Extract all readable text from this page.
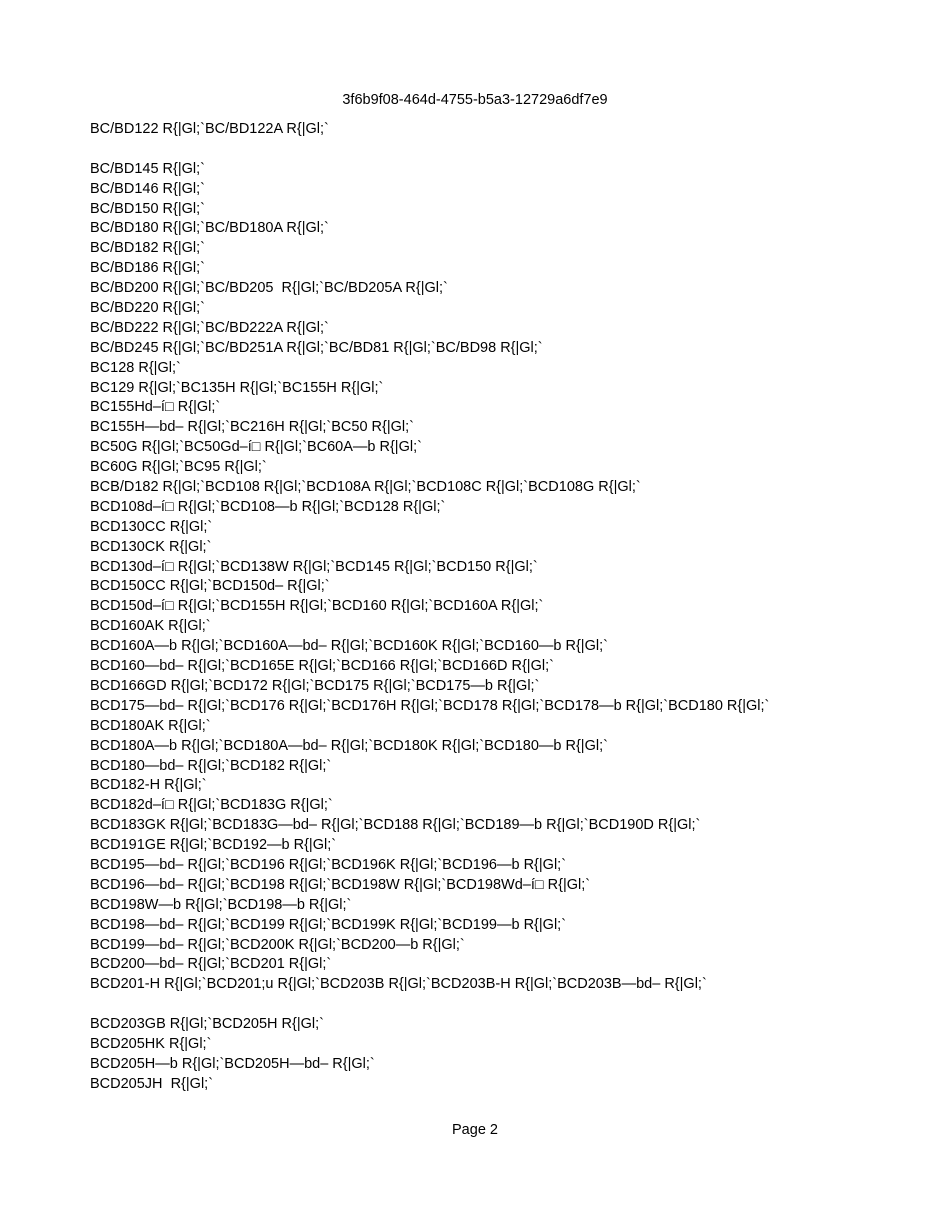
3f6b9f08-464d-4755-b5a3-12729a6df7e9
BC/BD122 R{|Gl;`BC/BD122A R{|Gl;`

BC/BD145 R{|Gl;`
BC/BD146 R{|Gl;`
BC/BD150 R{|Gl;`
BC/BD180 R{|Gl;`BC/BD180A R{|Gl;`
BC/BD182 R{|Gl;`
BC/BD186 R{|Gl;`
BC/BD200 R{|Gl;`BC/BD205  R{|Gl;`BC/BD205A R{|Gl;`
BC/BD220 R{|Gl;`
BC/BD222 R{|Gl;`BC/BD222A R{|Gl;`
BC/BD245 R{|Gl;`BC/BD251A R{|Gl;`BC/BD81 R{|Gl;`BC/BD98 R{|Gl;`
BC128 R{|Gl;`
BC129 R{|Gl;`BC135H R{|Gl;`BC155H R{|Gl;`
BC155Hd–í□ R{|Gl;`
BC155H—bd– R{|Gl;`BC216H R{|Gl;`BC50 R{|Gl;`
BC50G R{|Gl;`BC50Gd–í□ R{|Gl;`BC60A—b R{|Gl;`
BC60G R{|Gl;`BC95 R{|Gl;`
BCB/D182 R{|Gl;`BCD108 R{|Gl;`BCD108A R{|Gl;`BCD108C R{|Gl;`BCD108G R{|Gl;`
BCD108d–í□ R{|Gl;`BCD108—b R{|Gl;`BCD128 R{|Gl;`
BCD130CC R{|Gl;`
BCD130CK R{|Gl;`
BCD130d–í□ R{|Gl;`BCD138W R{|Gl;`BCD145 R{|Gl;`BCD150 R{|Gl;`
BCD150CC R{|Gl;`BCD150d– R{|Gl;`
BCD150d–í□ R{|Gl;`BCD155H R{|Gl;`BCD160 R{|Gl;`BCD160A R{|Gl;`
BCD160AK R{|Gl;`
BCD160A—b R{|Gl;`BCD160A—bd– R{|Gl;`BCD160K R{|Gl;`BCD160—b R{|Gl;`
BCD160—bd– R{|Gl;`BCD165E R{|Gl;`BCD166 R{|Gl;`BCD166D R{|Gl;`
BCD166GD R{|Gl;`BCD172 R{|Gl;`BCD175 R{|Gl;`BCD175—b R{|Gl;`
BCD175—bd– R{|Gl;`BCD176 R{|Gl;`BCD176H R{|Gl;`BCD178 R{|Gl;`BCD178—b R{|Gl;`BCD180 R{|Gl;`
BCD180AK R{|Gl;`
BCD180A—b R{|Gl;`BCD180A—bd– R{|Gl;`BCD180K R{|Gl;`BCD180—b R{|Gl;`
BCD180—bd– R{|Gl;`BCD182 R{|Gl;`
BCD182-H R{|Gl;`
BCD182d–í□ R{|Gl;`BCD183G R{|Gl;`
BCD183GK R{|Gl;`BCD183G—bd– R{|Gl;`BCD188 R{|Gl;`BCD189—b R{|Gl;`BCD190D R{|Gl;`
BCD191GE R{|Gl;`BCD192—b R{|Gl;`
BCD195—bd– R{|Gl;`BCD196 R{|Gl;`BCD196K R{|Gl;`BCD196—b R{|Gl;`
BCD196—bd– R{|Gl;`BCD198 R{|Gl;`BCD198W R{|Gl;`BCD198Wd–í□ R{|Gl;`
BCD198W—b R{|Gl;`BCD198—b R{|Gl;`
BCD198—bd– R{|Gl;`BCD199 R{|Gl;`BCD199K R{|Gl;`BCD199—b R{|Gl;`
BCD199—bd– R{|Gl;`BCD200K R{|Gl;`BCD200—b R{|Gl;`
BCD200—bd– R{|Gl;`BCD201 R{|Gl;`
BCD201-H R{|Gl;`BCD201;u R{|Gl;`BCD203B R{|Gl;`BCD203B-H R{|Gl;`BCD203B—bd– R{|Gl;`

BCD203GB R{|Gl;`BCD205H R{|Gl;`
BCD205HK R{|Gl;`
BCD205H—b R{|Gl;`BCD205H—bd– R{|Gl;`
BCD205JH  R{|Gl;`
Page 2
